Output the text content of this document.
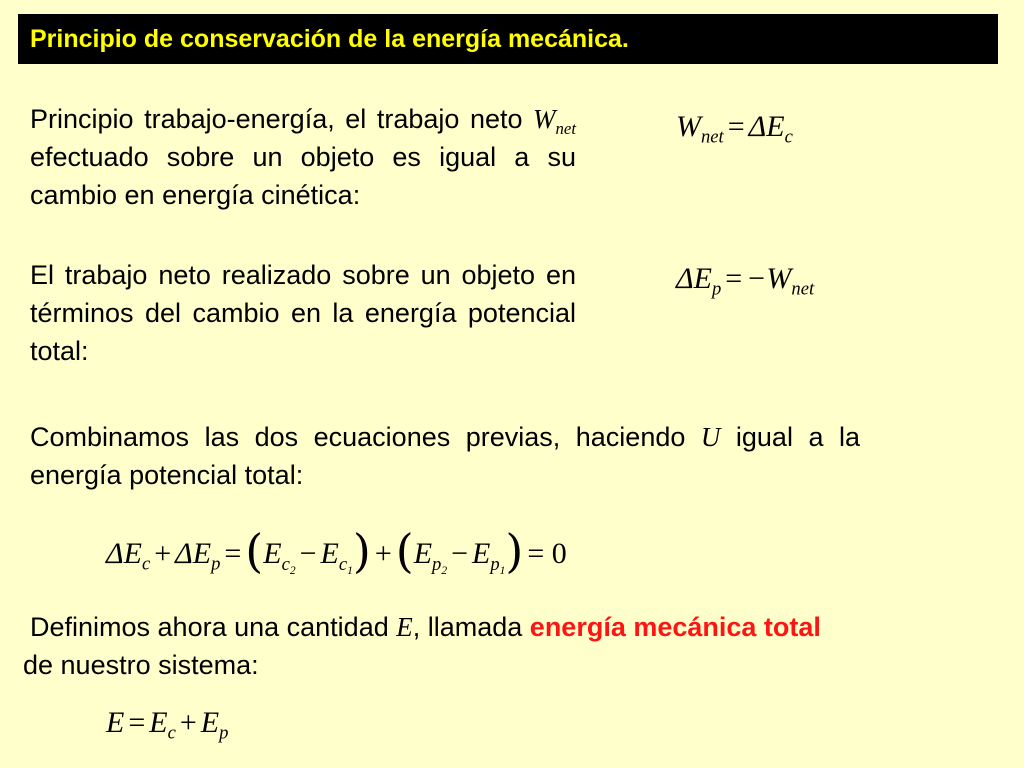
Principio de conservación de la energía mecánica.
Principio trabajo-energía, el trabajo neto $W_{net}$ efectuado sobre un objeto es igual a su cambio en energía cinética:
$W_{net} = \Delta E_c$
El trabajo neto realizado sobre un objeto en términos del cambio en la energía potencial total:
$\Delta E_p = -W_{net}$
Combinamos las dos ecuaciones previas, haciendo U igual a la energía potencial total:
$\Delta E_c + \Delta E_p =(E_{c_2}- E_{c_1}) +(E_{p_2}- E_{p_1}) = 0$
Definimos ahora una cantidad E, llamada energía mecánica total
de nuestro sistema:
$E = E_c + E_p$
